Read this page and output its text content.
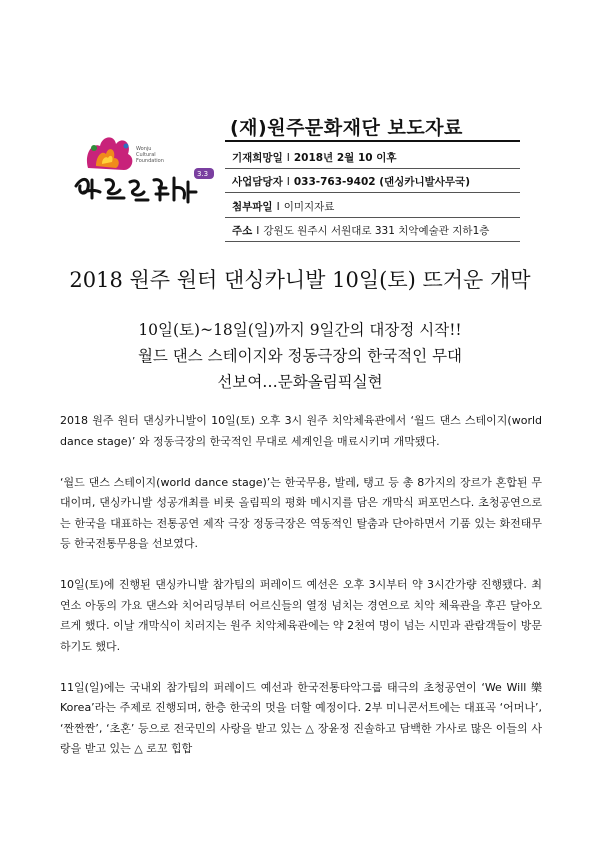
Wonju
Cultural
Foundation
3.3
(재)원주문화재단 보도자료
기재희망일 I 2018년 2월 10 이후
사업담당자 I 033-763-9402 (댄싱카니발사무국)
첨부파일 I 이미지자료
주소 I 강원도 원주시 서원대로 331 치악예술관 지하1층
2018 원주 원터 댄싱카니발 10일(토) 뜨거운 개막
10일(토)~18일(일)까지 9일간의 대장정 시작!!
월드 댄스 스테이지와 정동극장의 한국적인 무대
선보여…문화올림픽실현

2018 원주 원터 댄싱카니발이 10일(토) 오후 3시 원주 치악체육관에서 ‘월드 댄스 스테이지(world dance stage)’ 와 정동극장의 한국적인 무대로 세계인을 매료시키며 개막됐다.

‘월드 댄스 스테이지(world dance stage)’는 한국무용, 발레, 탱고 등 총 8가지의 장르가 혼합된 무대이며, 댄싱카니발 성공개최를 비롯 올림픽의 평화 메시지를 담은 개막식 퍼포먼스다. 초청공연으로는 한국을 대표하는 전통공연 제작 극장 정동극장은 역동적인 탈춤과 단아하면서 기품 있는 화전태무 등 한국전통무용을 선보였다.

10일(토)에 진행된 댄싱카니발 참가팀의 퍼레이드 예선은 오후 3시부터 약 3시간가량 진행됐다. 최연소 아동의 가요 댄스와 치어리딩부터 어르신들의 열정 넘치는 경연으로 치악 체육관을 후끈 달아오르게 했다. 이날 개막식이 치러지는 원주 치악체육관에는 약 2천여 명이 넘는 시민과 관람객들이 방문하기도 했다.

11일(일)에는 국내외 참가팀의 퍼레이드 예선과 한국전통타악그룹 태극의 초청공연이 ‘We Will 樂 Korea’라는 주제로 진행되며, 한층 한국의 멋을 더할 예정이다. 2부 미니콘서트에는 대표곡 ‘어머나’, ‘짠짠짠’, ‘초혼’ 등으로 전국민의 사랑을 받고 있는 △ 장윤정 진솔하고 담백한 가사로 많은 이들의 사랑을 받고 있는 △ 로꼬 힙합
